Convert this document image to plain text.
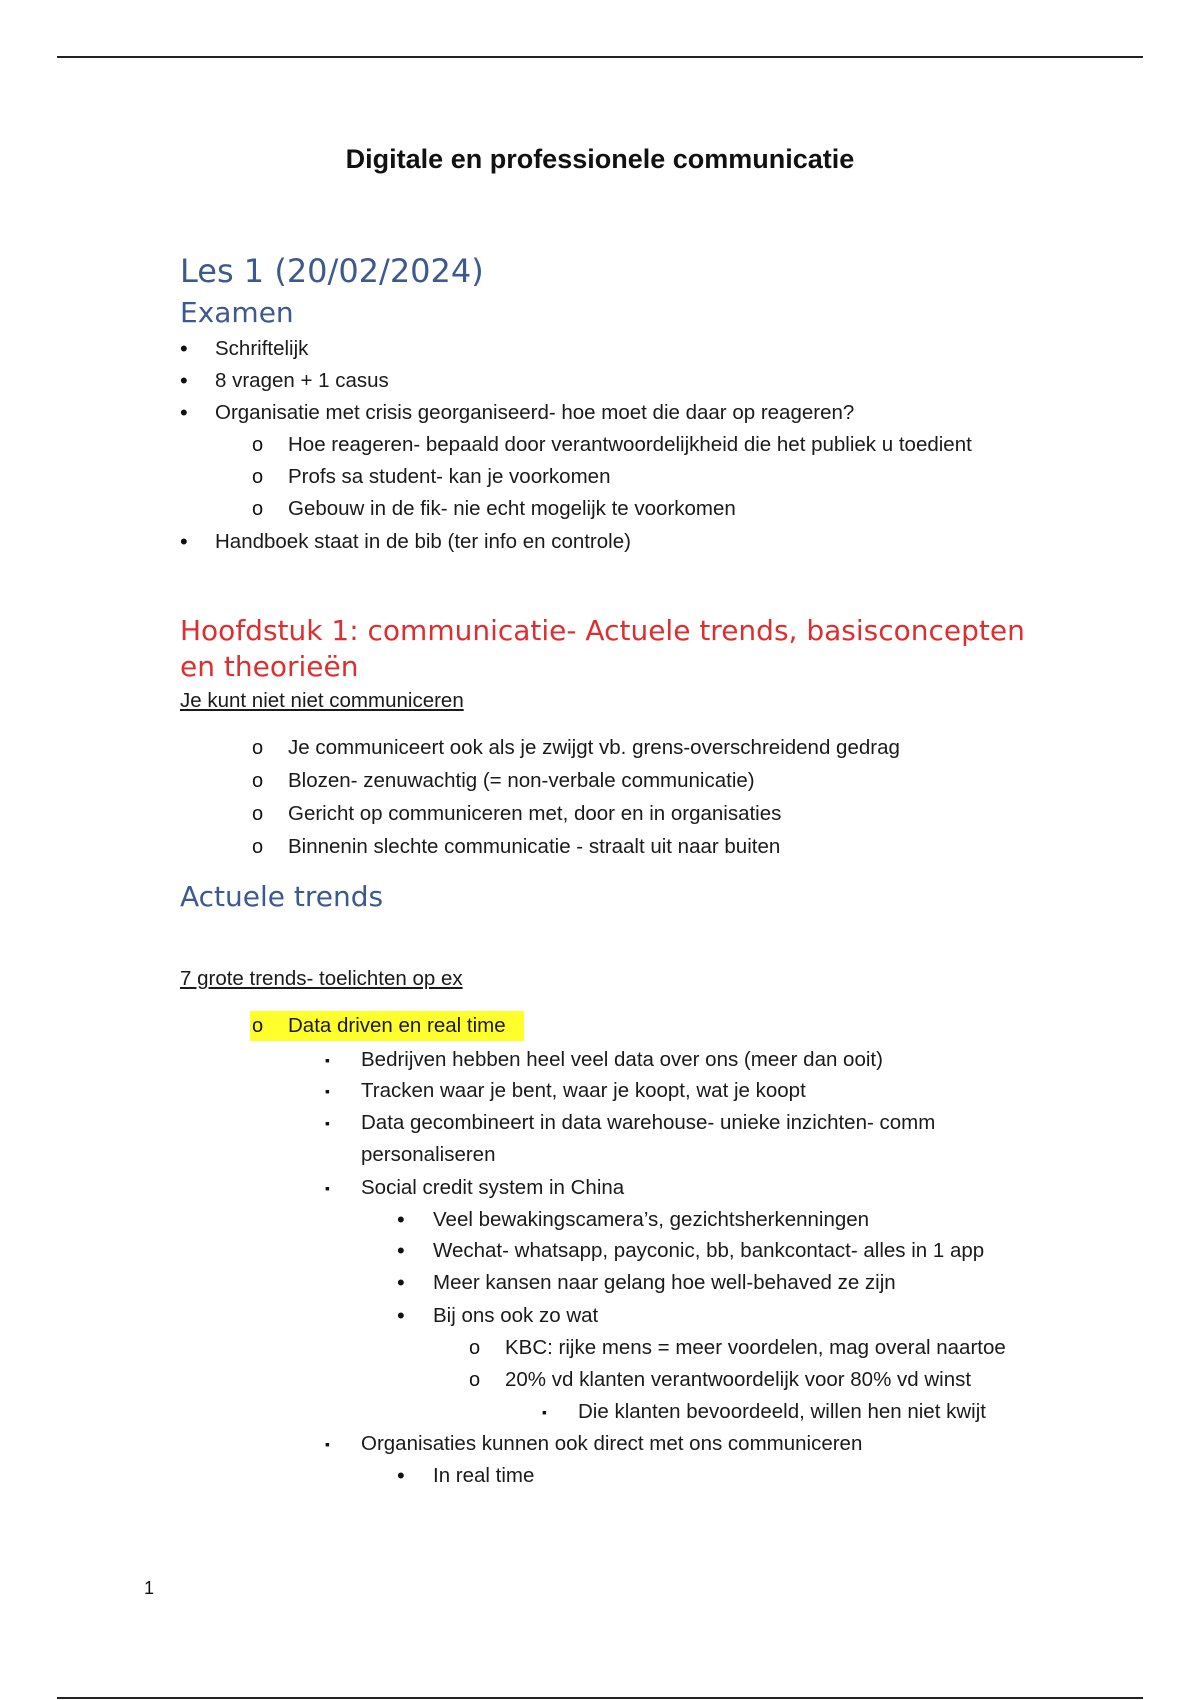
Digitale en professionele communicatie
Les 1 (20/02/2024)
Examen
• Schriftelijk
• 8 vragen + 1 casus
• Organisatie met crisis georganiseerd- hoe moet die daar op reageren?
o Hoe reageren- bepaald door verantwoordelijkheid die het publiek u toedient
o Profs sa student- kan je voorkomen
o Gebouw in de fik- nie echt mogelijk te voorkomen
• Handboek staat in de bib (ter info en controle)
Hoofdstuk 1: communicatie- Actuele trends, basisconcepten
en theorieën
Je kunt niet niet communiceren
o Je communiceert ook als je zwijgt vb. grens-overschreidend gedrag
o Blozen- zenuwachtig (= non-verbale communicatie)
o Gericht op communiceren met, door en in organisaties
o Binnenin slechte communicatie - straalt uit naar buiten
Actuele trends
7 grote trends- toelichten op ex
o Data driven en real time
▪ Bedrijven hebben heel veel data over ons (meer dan ooit)
▪ Tracken waar je bent, waar je koopt, wat je koopt
▪ Data gecombineert in data warehouse- unieke inzichten- comm
personaliseren
▪ Social credit system in China
• Veel bewakingscamera’s, gezichtsherkenningen
• Wechat- whatsapp, payconic, bb, bankcontact- alles in 1 app
• Meer kansen naar gelang hoe well-behaved ze zijn
• Bij ons ook zo wat
o KBC: rijke mens = meer voordelen, mag overal naartoe
o 20% vd klanten verantwoordelijk voor 80% vd winst
▪ Die klanten bevoordeeld, willen hen niet kwijt
▪ Organisaties kunnen ook direct met ons communiceren
• In real time
1
